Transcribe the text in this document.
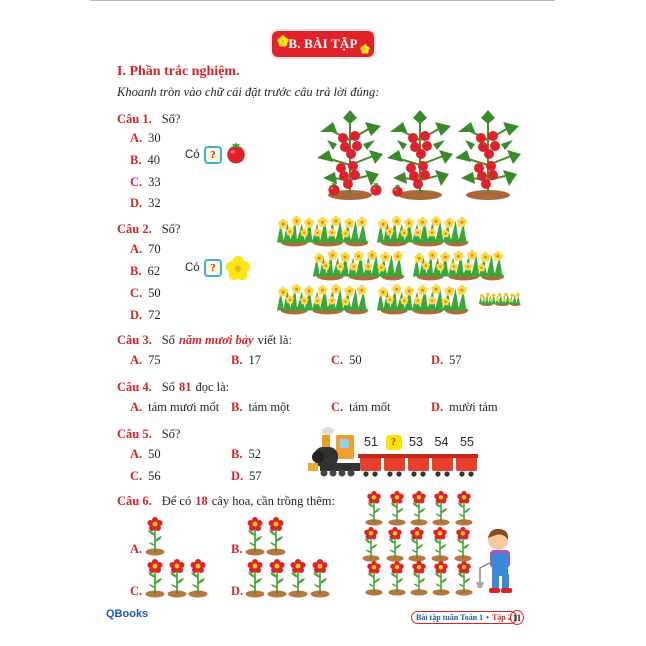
B. BÀI TẬP
I. Phần trắc nghiệm.
Khoanh tròn vào chữ cái đặt trước câu trả lời đúng:
Câu 1. Số?
A. 30
B. 40
C. 33
D. 32
Có ?
Câu 2. Số?
A. 70
B. 62
C. 50
D. 72
Có ?
Câu 3. Số năm mươi bảy viết là:
A. 75	B. 17	C. 50	D. 57
Câu 4. Số 81 đọc là:
A. tám mươi mốt B. tám một	C. tám mốt	D. mười tám
Câu 5. Số?
A. 50	B. 52
C. 56	D. 57
51	?	53 54 55
Câu 6. Để có 18 cây hoa, cần trồng thêm:
A.	B.
C.	D.
QBooks	Bài tập tuần Toán 1 • Tập 2 11
